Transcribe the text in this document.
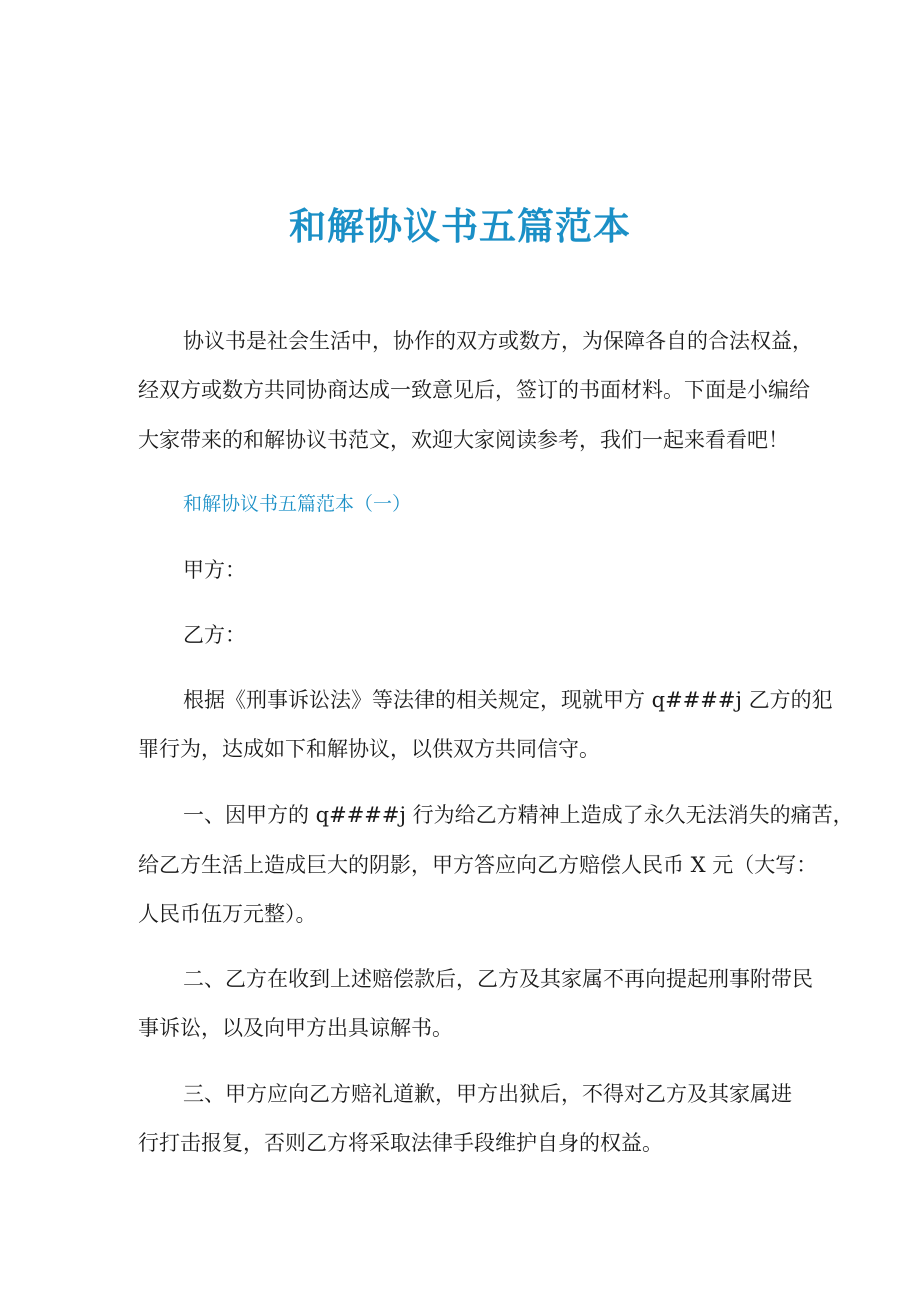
和解协议书五篇范本

协议书是社会生活中，协作的双方或数方，为保障各自的合法权益，

经双方或数方共同协商达成一致意见后，签订的书面材料。下面是小编给

大家带来的和解协议书范文，欢迎大家阅读参考，我们一起来看看吧！

和解协议书五篇范本（一）

甲方：

乙方：

根据《刑事诉讼法》等法律的相关规定，现就甲方 q####j 乙方的犯

罪行为，达成如下和解协议，以供双方共同信守。

一、因甲方的 q####j 行为给乙方精神上造成了永久无法消失的痛苦，

给乙方生活上造成巨大的阴影，甲方答应向乙方赔偿人民币 X 元（大写：

人民币伍万元整）。

二、乙方在收到上述赔偿款后，乙方及其家属不再向提起刑事附带民

事诉讼，以及向甲方出具谅解书。

三、甲方应向乙方赔礼道歉，甲方出狱后，不得对乙方及其家属进

行打击报复，否则乙方将采取法律手段维护自身的权益。
